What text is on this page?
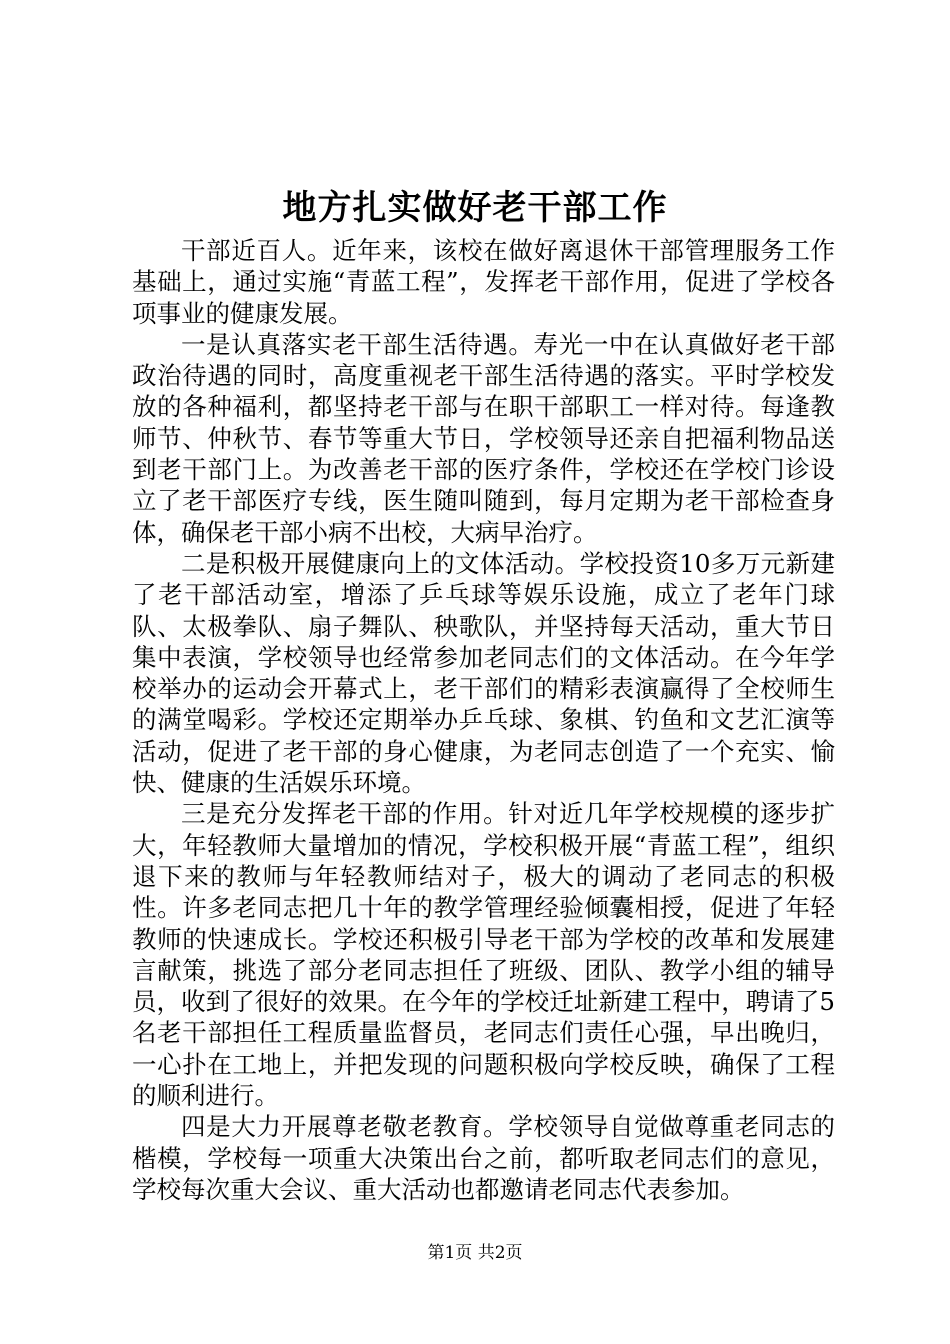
地方扎实做好老干部工作

干部近百人。近年来，该校在做好离退休干部管理服务工作基础上，通过实施“青蓝工程”，发挥老干部作用，促进了学校各项事业的健康发展。

一是认真落实老干部生活待遇。寿光一中在认真做好老干部政治待遇的同时，高度重视老干部生活待遇的落实。平时学校发放的各种福利，都坚持老干部与在职干部职工一样对待。每逢教师节、仲秋节、春节等重大节日，学校领导还亲自把福利物品送到老干部门上。为改善老干部的医疗条件，学校还在学校门诊设立了老干部医疗专线，医生随叫随到，每月定期为老干部检查身体，确保老干部小病不出校，大病早治疗。

二是积极开展健康向上的文体活动。学校投资10多万元新建了老干部活动室，增添了乒乓球等娱乐设施，成立了老年门球队、太极拳队、扇子舞队、秧歌队，并坚持每天活动，重大节日集中表演，学校领导也经常参加老同志们的文体活动。在今年学校举办的运动会开幕式上，老干部们的精彩表演赢得了全校师生的满堂喝彩。学校还定期举办乒乓球、象棋、钓鱼和文艺汇演等活动，促进了老干部的身心健康，为老同志创造了一个充实、愉快、健康的生活娱乐环境。

三是充分发挥老干部的作用。针对近几年学校规模的逐步扩大，年轻教师大量增加的情况，学校积极开展“青蓝工程”，组织退下来的教师与年轻教师结对子，极大的调动了老同志的积极性。许多老同志把几十年的教学管理经验倾囊相授，促进了年轻教师的快速成长。学校还积极引导老干部为学校的改革和发展建言献策，挑选了部分老同志担任了班级、团队、教学小组的辅导员，收到了很好的效果。在今年的学校迁址新建工程中，聘请了5名老干部担任工程质量监督员，老同志们责任心强，早出晚归，一心扑在工地上，并把发现的问题积极向学校反映，确保了工程的顺利进行。

四是大力开展尊老敬老教育。学校领导自觉做尊重老同志的楷模，学校每一项重大决策出台之前，都听取老同志们的意见，学校每次重大会议、重大活动也都邀请老同志代表参加。

第1页 共2页
